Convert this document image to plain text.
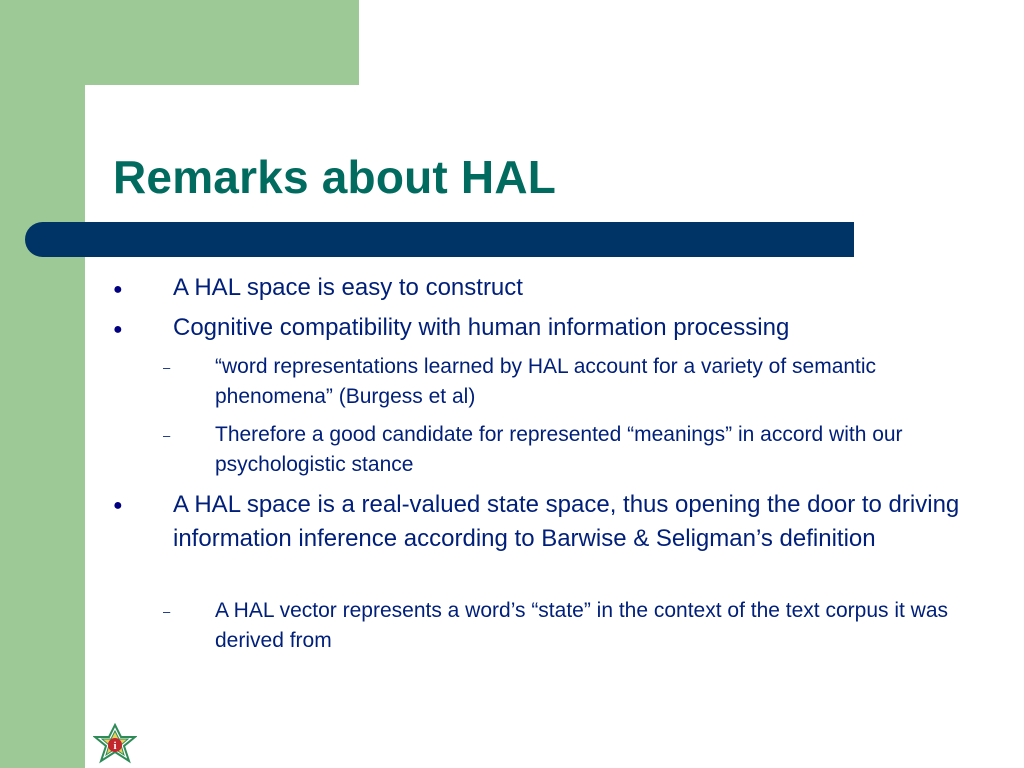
Remarks about HAL
● A HAL space is easy to construct
● Cognitive compatibility with human information processing
– “word representations learned by HAL account for a variety of semantic phenomena” (Burgess et al)
– Therefore a good candidate for represented “meanings” in accord with our psychologistic stance
● A HAL space is a real-valued state space, thus opening the door to driving information inference according to Barwise & Seligman’s definition
– A HAL vector represents a word’s “state” in the context of the text corpus it was derived from
i
